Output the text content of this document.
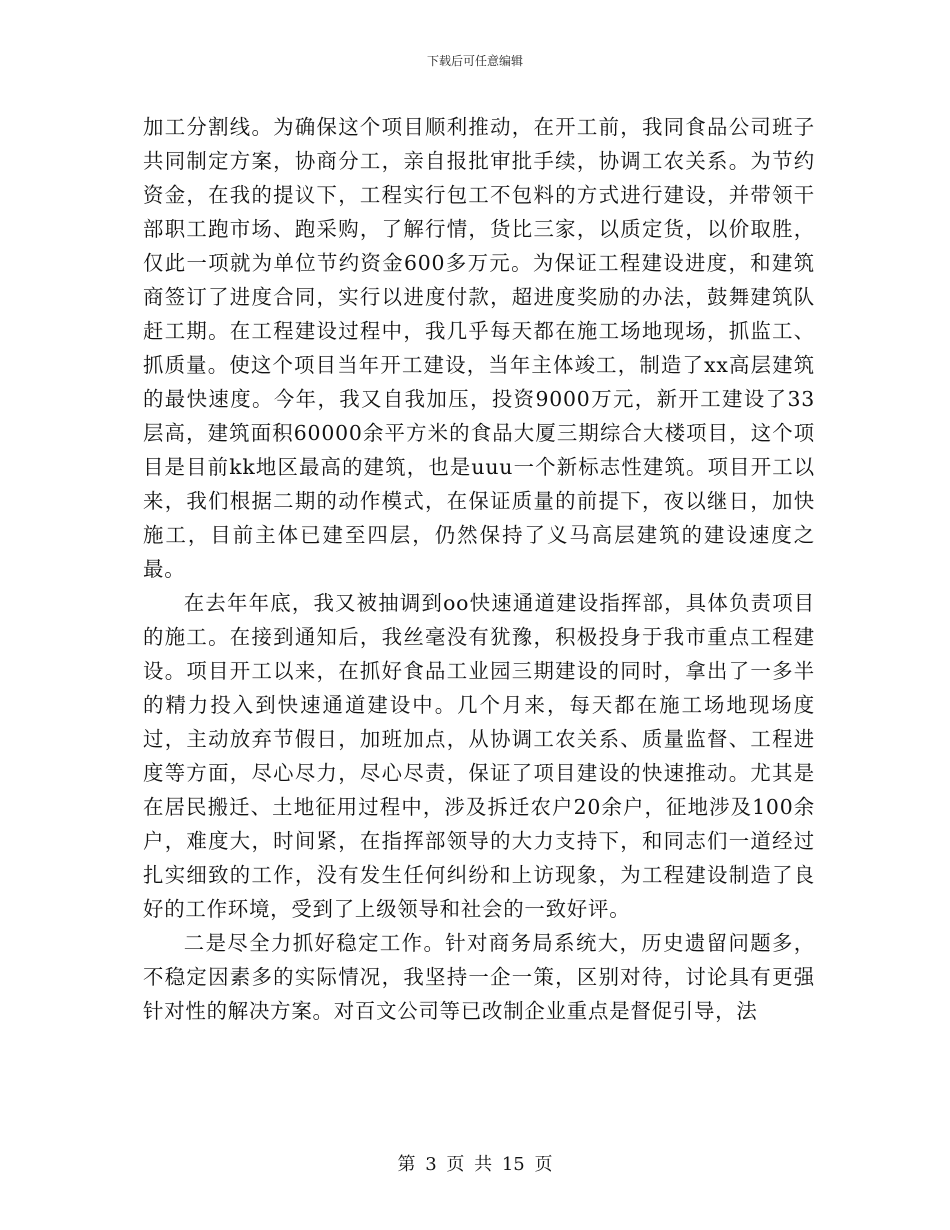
下载后可任意编辑

加工分割线。为确保这个项目顺利推动，在开工前，我同食品公司班子共同制定方案，协商分工，亲自报批审批手续，协调工农关系。为节约资金，在我的提议下，工程实行包工不包料的方式进行建设，并带领干部职工跑市场、跑采购，了解行情，货比三家，以质定货，以价取胜，仅此一项就为单位节约资金600多万元。为保证工程建设进度，和建筑商签订了进度合同，实行以进度付款，超进度奖励的办法，鼓舞建筑队赶工期。在工程建设过程中，我几乎每天都在施工场地现场，抓监工、抓质量。使这个项目当年开工建设，当年主体竣工，制造了xx高层建筑的最快速度。今年，我又自我加压，投资9000万元，新开工建设了33层高，建筑面积60000余平方米的食品大厦三期综合大楼项目，这个项目是目前kk地区最高的建筑，也是uuu一个新标志性建筑。项目开工以来，我们根据二期的动作模式，在保证质量的前提下，夜以继日，加快施工，目前主体已建至四层，仍然保持了义马高层建筑的建设速度之最。

在去年年底，我又被抽调到oo快速通道建设指挥部，具体负责项目的施工。在接到通知后，我丝毫没有犹豫，积极投身于我市重点工程建设。项目开工以来，在抓好食品工业园三期建设的同时，拿出了一多半的精力投入到快速通道建设中。几个月来，每天都在施工场地现场度过，主动放弃节假日，加班加点，从协调工农关系、质量监督、工程进度等方面，尽心尽力，尽心尽责，保证了项目建设的快速推动。尤其是在居民搬迁、土地征用过程中，涉及拆迁农户20余户，征地涉及100余户，难度大，时间紧，在指挥部领导的大力支持下，和同志们一道经过扎实细致的工作，没有发生任何纠纷和上访现象，为工程建设制造了良好的工作环境，受到了上级领导和社会的一致好评。

二是尽全力抓好稳定工作。针对商务局系统大，历史遗留问题多，不稳定因素多的实际情况，我坚持一企一策，区别对待，讨论具有更强针对性的解决方案。对百文公司等已改制企业重点是督促引导，法

第 3 页 共 15 页
